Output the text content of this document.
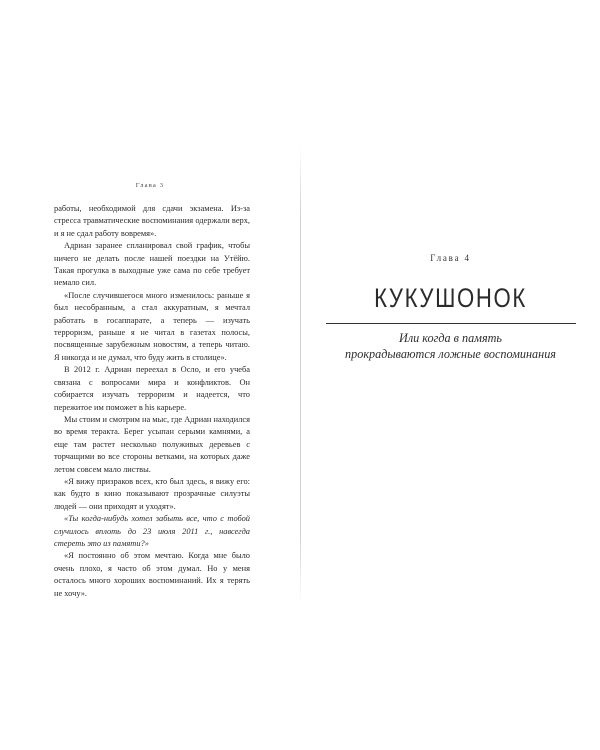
Глава 3

работы, необходимой для сдачи экзамена. Из-за стресса травматические воспоминания одержали верх, и я не сдал работу вовремя».

Адриан заранее спланировал свой график, чтобы ничего не делать после нашей поездки на Утёйю. Такая прогулка в выходные уже сама по себе требует немало сил.

«После случившегося много изменилось: раньше я был несобранным, а стал аккуратным, я мечтал работать в госаппарате, а теперь — изучать терроризм, раньше я не читал в газетах полосы, посвященные зарубежным новостям, а теперь читаю. Я никогда и не думал, что буду жить в столице».

В 2012 г. Адриан переехал в Осло, и его учеба связана с вопросами мира и конфликтов. Он собирается изучать терроризм и надеется, что пережитое им поможет в his карьере.

Мы стоим и смотрим на мыс, где Адриан находился во время теракта. Берег усыпан серыми камнями, а еще там растет несколько полуживых деревьев с торчащими во все стороны ветками, на которых даже летом совсем мало листвы.

«Я вижу призраков всех, кто был здесь, я вижу его: как будто в кино показывают прозрачные силуэты людей — они приходят и уходят».

«Ты когда-нибудь хотел забыть все, что с тобой случилось вплоть до 23 июля 2011 г., навсегда стереть это из памяти?»

«Я постоянно об этом мечтаю. Когда мне было очень плохо, я часто об этом думал. Но у меня осталось много хороших воспоминаний. Их я терять не хочу».

Глава 4
КУКУШОНОК
Или когда в память
прокрадываются ложные воспоминания
